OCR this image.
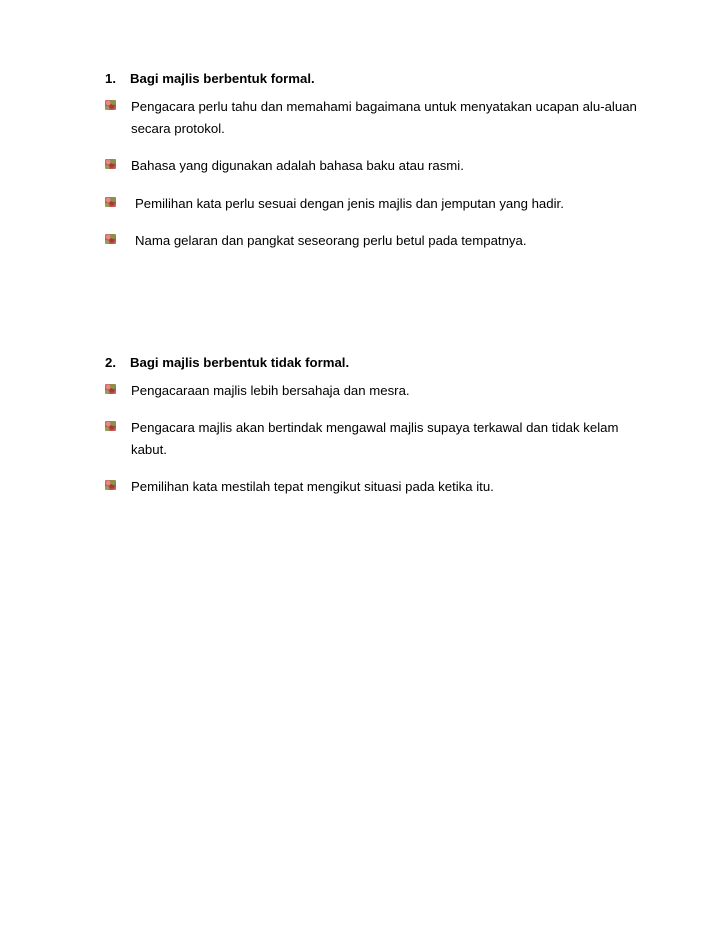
1.	Bagi majlis berbentuk formal.
Pengacara perlu tahu dan memahami bagaimana untuk menyatakan ucapan alu-aluan secara protokol.
Bahasa yang digunakan adalah bahasa baku atau rasmi.
Pemilihan kata perlu sesuai dengan jenis majlis dan jemputan yang hadir.
Nama gelaran dan pangkat seseorang perlu betul pada tempatnya.
2.	Bagi majlis berbentuk tidak formal.
Pengacaraan majlis lebih bersahaja dan mesra.
Pengacara majlis akan bertindak mengawal majlis supaya terkawal dan tidak kelam kabut.
Pemilihan kata mestilah tepat mengikut situasi pada ketika itu.
